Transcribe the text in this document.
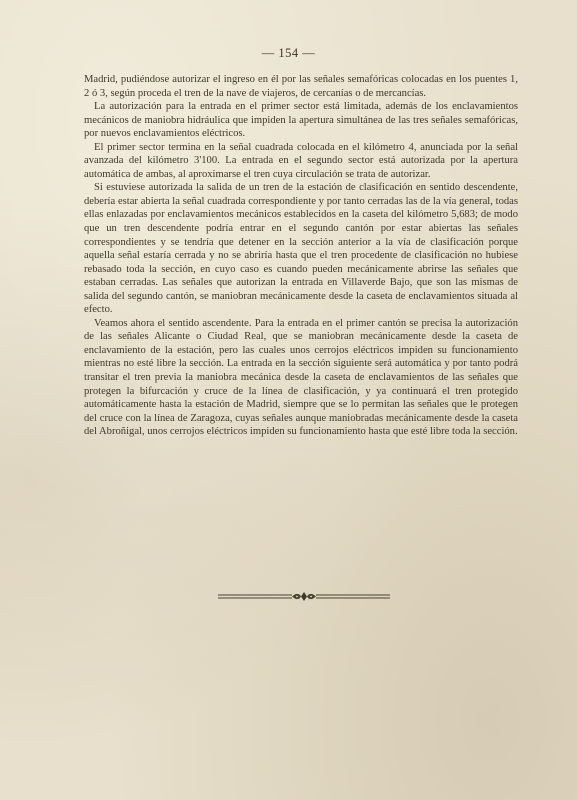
— 154 —

Madrid, pudiéndose autorizar el ingreso en él por las señales semafóricas colocadas en los puentes 1, 2 ó 3, según proceda el tren de la nave de viajeros, de cercanías o de mercancías.

La autorización para la entrada en el primer sector está limitada, además de los enclavamientos mecánicos de maniobra hidráulica que impiden la apertura simultánea de las tres señales semafóricas, por nuevos enclavamientos eléctricos.

El primer sector termina en la señal cuadrada colocada en el kilómetro 4, anunciada por la señal avanzada del kilómetro 3'100. La entrada en el segundo sector está autorizada por la apertura automática de ambas, al aproximarse el tren cuya circulación se trata de autorizar.

Si estuviese autorizada la salida de un tren de la estación de clasificación en sentido descendente, debería estar abierta la señal cuadrada correspondiente y por tanto cerradas las de la vía general, todas ellas enlazadas por enclavamientos mecánicos establecidos en la caseta del kilómetro 5,683; de modo que un tren descendente podría entrar en el segundo cantón por estar abiertas las señales correspondientes y se tendría que detener en la sección anterior a la vía de clasificación porque aquella señal estaría cerrada y no se abriría hasta que el tren procedente de clasificación no hubiese rebasado toda la sección, en cuyo caso es cuando pueden mecánicamente abrirse las señales que estaban cerradas. Las señales que autorizan la entrada en Villaverde Bajo, que son las mismas de salida del segundo cantón, se maniobran mecánicamente desde la caseta de enclavamientos situada al efecto.

Veamos ahora el sentido ascendente. Para la entrada en el primer cantón se precisa la autorización de las señales Alicante o Ciudad Real, que se maniobran mecánicamente desde la caseta de enclavamiento de la estación, pero las cuales unos cerrojos eléctricos impiden su funcionamiento mientras no esté libre la sección. La entrada en la sección siguiente será automática y por tanto podrá transitar el tren previa la maniobra mecánica desde la caseta de enclavamientos de las señales que protegen la bifurcación y cruce de la línea de clasificación, y ya continuará el tren protegido automáticamente hasta la estación de Madrid, siempre que se lo permitan las señales que le protegen del cruce con la línea de Zaragoza, cuyas señales aunque maniobradas mecánicamente desde la caseta del Abroñigal, unos cerrojos eléctricos impiden su funcionamiento hasta que esté libre toda la sección.
